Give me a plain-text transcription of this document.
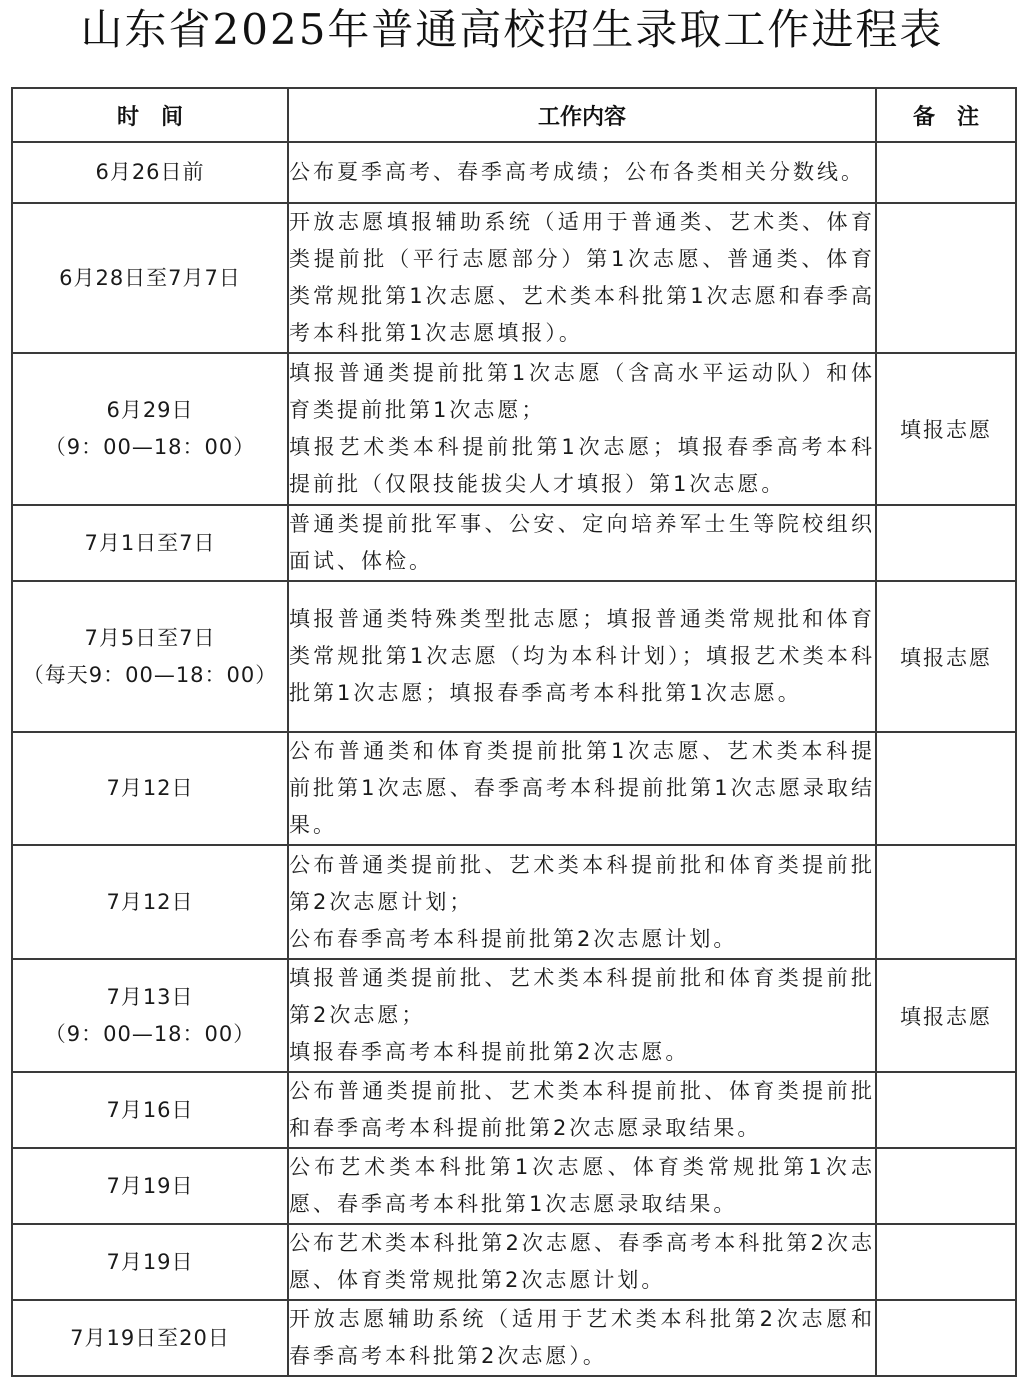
山东省2025年普通高校招生录取工作进程表
时　间	工作内容	备　注

6月26日前	公布夏季高考、春季高考成绩；公布各类相关分数线。	

6月28日至7月7日	开放志愿填报辅助系统（适用于普通类、艺术类、体育类提前批（平行志愿部分）第1次志愿、普通类、体育类常规批第1次志愿、艺术类本科批第1次志愿和春季高考本科批第1次志愿填报）。	

6月29日
（9：00—18：00）	填报普通类提前批第1次志愿（含高水平运动队）和体育类提前批第1次志愿；
填报艺术类本科提前批第1次志愿；填报春季高考本科提前批（仅限技能拔尖人才填报）第1次志愿。	填报志愿

7月1日至7日	普通类提前批军事、公安、定向培养军士生等院校组织面试、体检。	

7月5日至7日
（每天9：00—18：00）	填报普通类特殊类型批志愿；填报普通类常规批和体育类常规批第1次志愿（均为本科计划）；填报艺术类本科批第1次志愿；填报春季高考本科批第1次志愿。	填报志愿

7月12日	公布普通类和体育类提前批第1次志愿、艺术类本科提前批第1次志愿、春季高考本科提前批第1次志愿录取结果。	

7月12日	公布普通类提前批、艺术类本科提前批和体育类提前批第2次志愿计划；
公布春季高考本科提前批第2次志愿计划。	

7月13日
（9：00—18：00）	填报普通类提前批、艺术类本科提前批和体育类提前批第2次志愿；
填报春季高考本科提前批第2次志愿。	填报志愿

7月16日	公布普通类提前批、艺术类本科提前批、体育类提前批和春季高考本科提前批第2次志愿录取结果。	

7月19日	公布艺术类本科批第1次志愿、体育类常规批第1次志愿、春季高考本科批第1次志愿录取结果。	

7月19日	公布艺术类本科批第2次志愿、春季高考本科批第2次志愿、体育类常规批第2次志愿计划。	

7月19日至20日	开放志愿辅助系统（适用于艺术类本科批第2次志愿和春季高考本科批第2次志愿）。	
